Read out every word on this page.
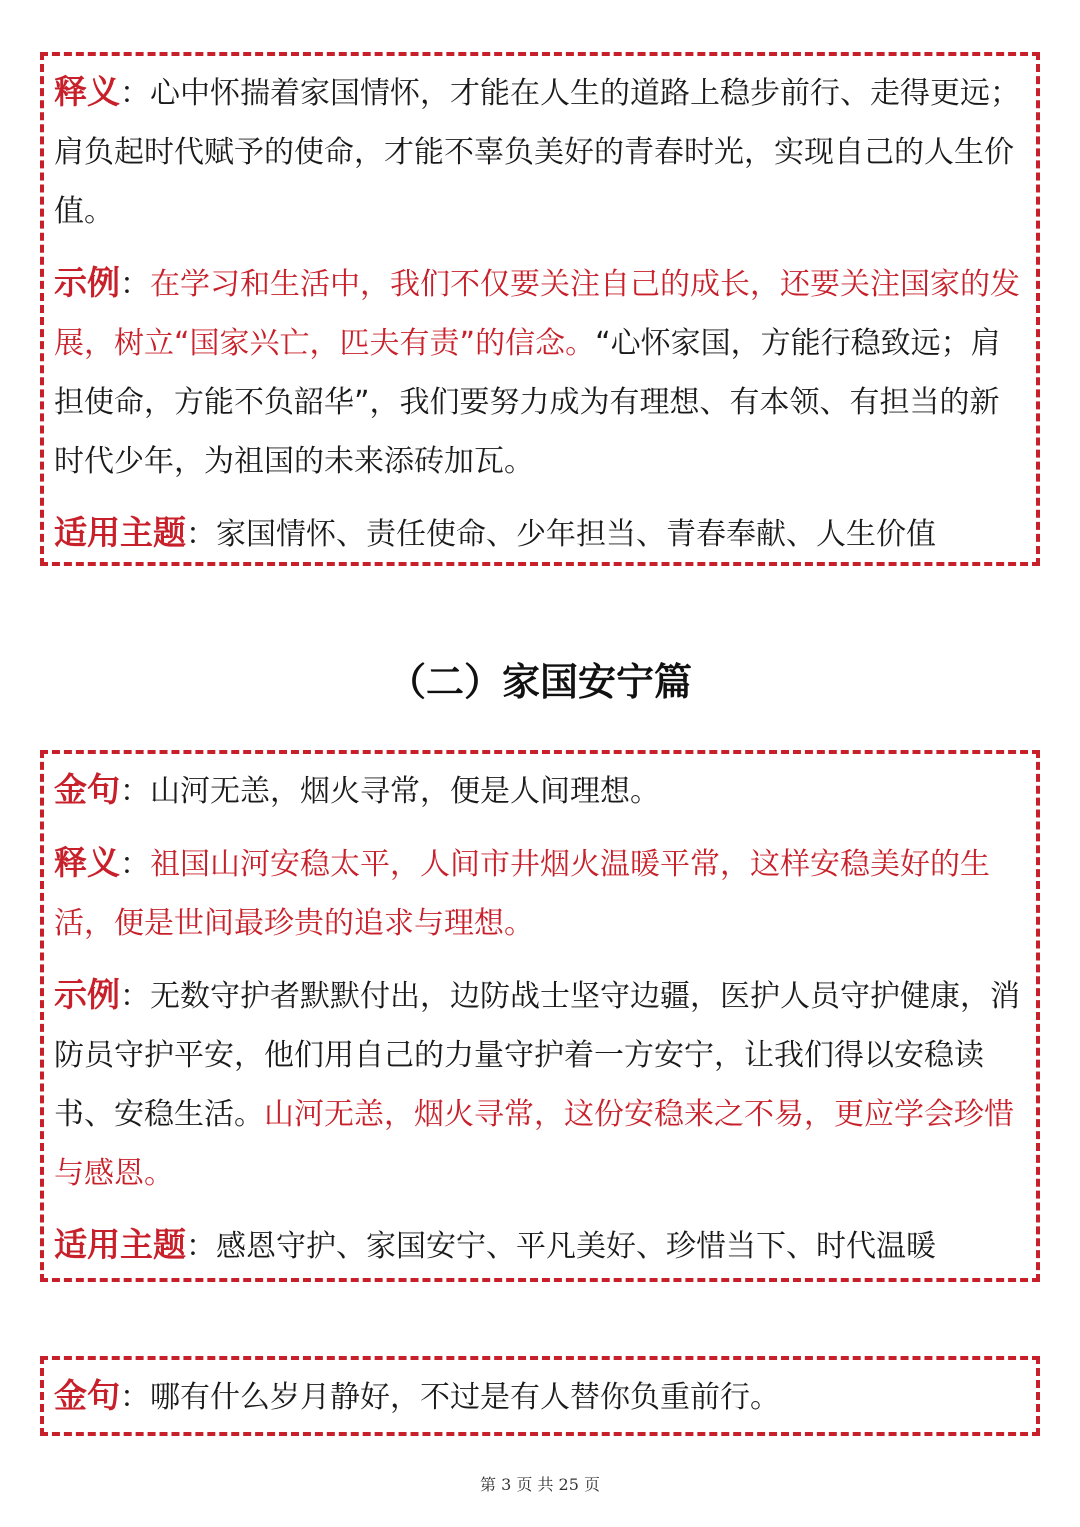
释义：心中怀揣着家国情怀，才能在人生的道路上稳步前行、走得更远；肩负起时代赋予的使命，才能不辜负美好的青春时光，实现自己的人生价值。
示例：在学习和生活中，我们不仅要关注自己的成长，还要关注国家的发展，树立“国家兴亡，匹夫有责”的信念。“心怀家国，方能行稳致远；肩担使命，方能不负韶华”，我们要努力成为有理想、有本领、有担当的新时代少年，为祖国的未来添砖加瓦。
适用主题：家国情怀、责任使命、少年担当、青春奉献、人生价值
（二）家国安宁篇
金句：山河无恙，烟火寻常，便是人间理想。
释义：祖国山河安稳太平，人间市井烟火温暖平常，这样安稳美好的生活，便是世间最珍贵的追求与理想。
示例：无数守护者默默付出，边防战士坚守边疆，医护人员守护健康，消防员守护平安，他们用自己的力量守护着一方安宁，让我们得以安稳读书、安稳生活。山河无恙，烟火寻常，这份安稳来之不易，更应学会珍惜与感恩。
适用主题：感恩守护、家国安宁、平凡美好、珍惜当下、时代温暖
金句：哪有什么岁月静好，不过是有人替你负重前行。
第 3 页 共 25 页
